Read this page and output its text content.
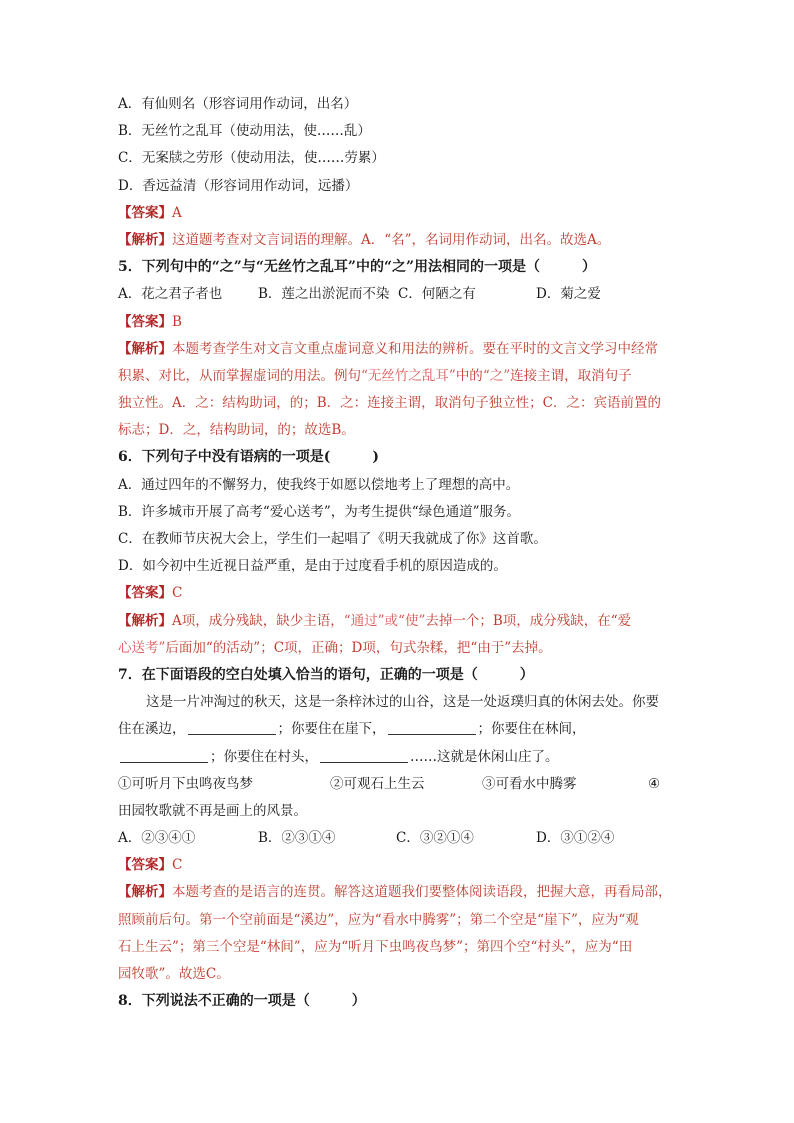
A．有仙则名（形容词用作动词，出名）
B．无丝竹之乱耳（使动用法，使……乱）
C．无案牍之劳形（使动用法，使……劳累）
D．香远益清（形容词用作动词，远播）
【答案】A
【解析】这道题考查对文言词语的理解。A．“名”，名词用作动词，出名。故选A。
5．下列句中的“之”与“无丝竹之乱耳”中的“之”用法相同的一项是（　　　）
A．花之君子者也	B．莲之出淤泥而不染 C．何陋之有	D．菊之爱
【答案】B
【解析】本题考查学生对文言文重点虚词意义和用法的辨析。要在平时的文言文学习中经常
积累、对比，从而掌握虚词的用法。例句“无丝竹之乱耳”中的“之”连接主谓，取消句子
独立性。A．之：结构助词，的；B．之：连接主谓，取消句子独立性；C．之：宾语前置的
标志；D．之，结构助词，的；故选B。
6．下列句子中没有语病的一项是(　　　)
A．通过四年的不懈努力，使我终于如愿以偿地考上了理想的高中。
B．许多城市开展了高考“爱心送考”，为考生提供“绿色通道”服务。
C．在教师节庆祝大会上，学生们一起唱了《明天我就成了你》这首歌。
D．如今初中生近视日益严重，是由于过度看手机的原因造成的。
【答案】C
【解析】A项，成分残缺，缺少主语，“通过”或“使”去掉一个；B项，成分残缺，在“爱
心送考”后面加“的活动”；C项，正确；D项，句式杂糅，把“由于”去掉。
7．在下面语段的空白处填入恰当的语句，正确的一项是（　　　）
这是一片冲淘过的秋天，这是一条梓沐过的山谷，这是一处返璞归真的休闲去处。你要
住在溪边，	；你要住在崖下，	；你要住在林间，
；你要住在村头，	……这就是休闲山庄了。
①可听月下虫鸣夜鸟梦	②可观石上生云	③可看水中腾雾	④
田园牧歌就不再是画上的风景。
A．②③④①	B．②③①④	C．③②①④	D．③①②④
【答案】C
【解析】本题考查的是语言的连贯。解答这道题我们要整体阅读语段，把握大意，再看局部，
照顾前后句。第一个空前面是“溪边”，应为“看水中腾雾”；第二个空是“崖下”，应为“观
石上生云”；第三个空是“林间”，应为“听月下虫鸣夜鸟梦”；第四个空“村头”，应为“田
园牧歌”。故选C。
8．下列说法不正确的一项是（　　　）
